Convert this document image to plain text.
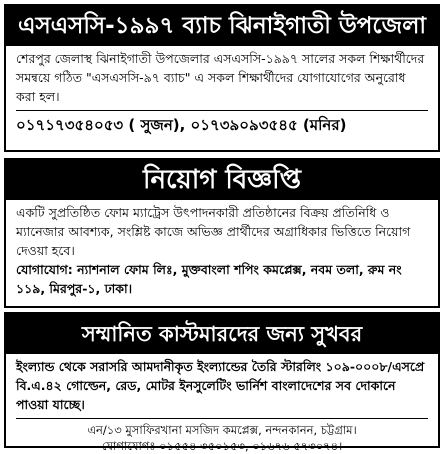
এসএসসি-১৯৯৭ ব্যাচ ঝিনাইগাতী উপজেলা

শেরপুর জেলাস্থ ঝিনাইগাতী উপজেলার এসএসসি-১৯৯৭ সালের সকল শিক্ষার্থীদের সমন্বয়ে গঠিত "এসএসসি-৯৭ ব্যাচ" এ সকল শিক্ষার্থীদের যোগাযোগের অনুরোধ করা হল।

০১৭১৭৩৫৪০৫৩ ( সুজন), ০১৭৩৯০৯৩৫৪৫ (মনির)

নিয়োগ বিজ্ঞপ্তি

একটি সুপ্রতিষ্ঠিত ফোম ম্যাট্রেস উৎপাদনকারী প্রতিষ্ঠানের বিক্রয় প্রতিনিধি ও ম্যানেজার আবশ্যক, সংশ্লিষ্ট কাজে অভিজ্ঞ প্রার্থীদের অগ্রাধিকার ভিত্তিতে নিয়োগ দেওয়া হবে।

যোগাযোগ: ন্যাশনাল ফোম লিঃ, মুক্তবাংলা শপিং কমপ্লেক্স, নবম তলা, রুম নং ১১৯, মিরপুর-১, ঢাকা।

সম্মানিত কাস্টমারদের জন্য সুখবর

ইংল্যান্ড থেকে সরাসরি আমদানীকৃত ইংল্যান্ডের তৈরি স্টারলিং ১০৯-০০০৮/এসপ্রে বি.এ.৪২ গোল্ডেন, রেড, মোটর ইনসুলেটিং ভার্নিশ বাংলাদেশের সব দোকানে পাওয়া যাচ্ছে।

এন/১৩ মুসাফিরখানা মসজিদ কমপ্লেক্স, নন্দনকানন, চট্টগ্রাম।

যোগাযোগঃ ০১৫৫৪ ৩৫০১৫৩, ০১৬৭৬ ৫৭৩০৭৪।
